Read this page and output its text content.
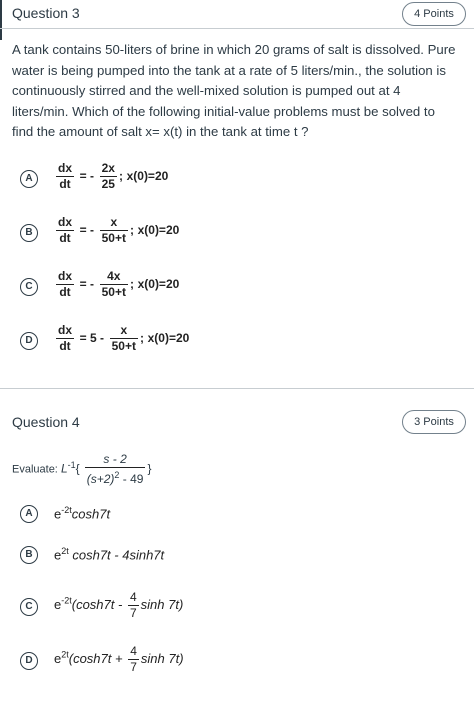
Question 3	4 Points
A tank contains 50-liters of brine in which 20 grams of salt is dissolved. Pure water is being pumped into the tank at a rate of 5 liters/min., the solution is continuously stirred and the well-mixed solution is pumped out at 4 liters/min. Which of the following initial-value problems must be solved to find the amount of salt x= x(t) in the tank at time t ?
A	$\frac{dx}{dt}$ = - $\frac{2x}{25}$ ; x(0)=20
B	$\frac{dx}{dt}$ = - $\frac{x}{50+t}$ ; x(0)=20
C	$\frac{dx}{dt}$ = - $\frac{4x}{50+t}$ ; x(0)=20
D	$\frac{dx}{dt} = 5 - \frac{x}{50+t}$ ; x(0)=20
Question 4	3 Points
Evaluate: $L^{-1}\{ \frac{s - 2}{(s+2)^2 - 49}$ }
A	$e^{-2t}\cosh 7t$
B	$e^{2t}$ cosh7t - 4sinh7t
C	$e^{-2t}(\cosh 7t - \frac{4}{7}$ sinh 7t)
D	$e^{2t}(\cosh 7t + \frac{4}{7}$ sinh 7t)
